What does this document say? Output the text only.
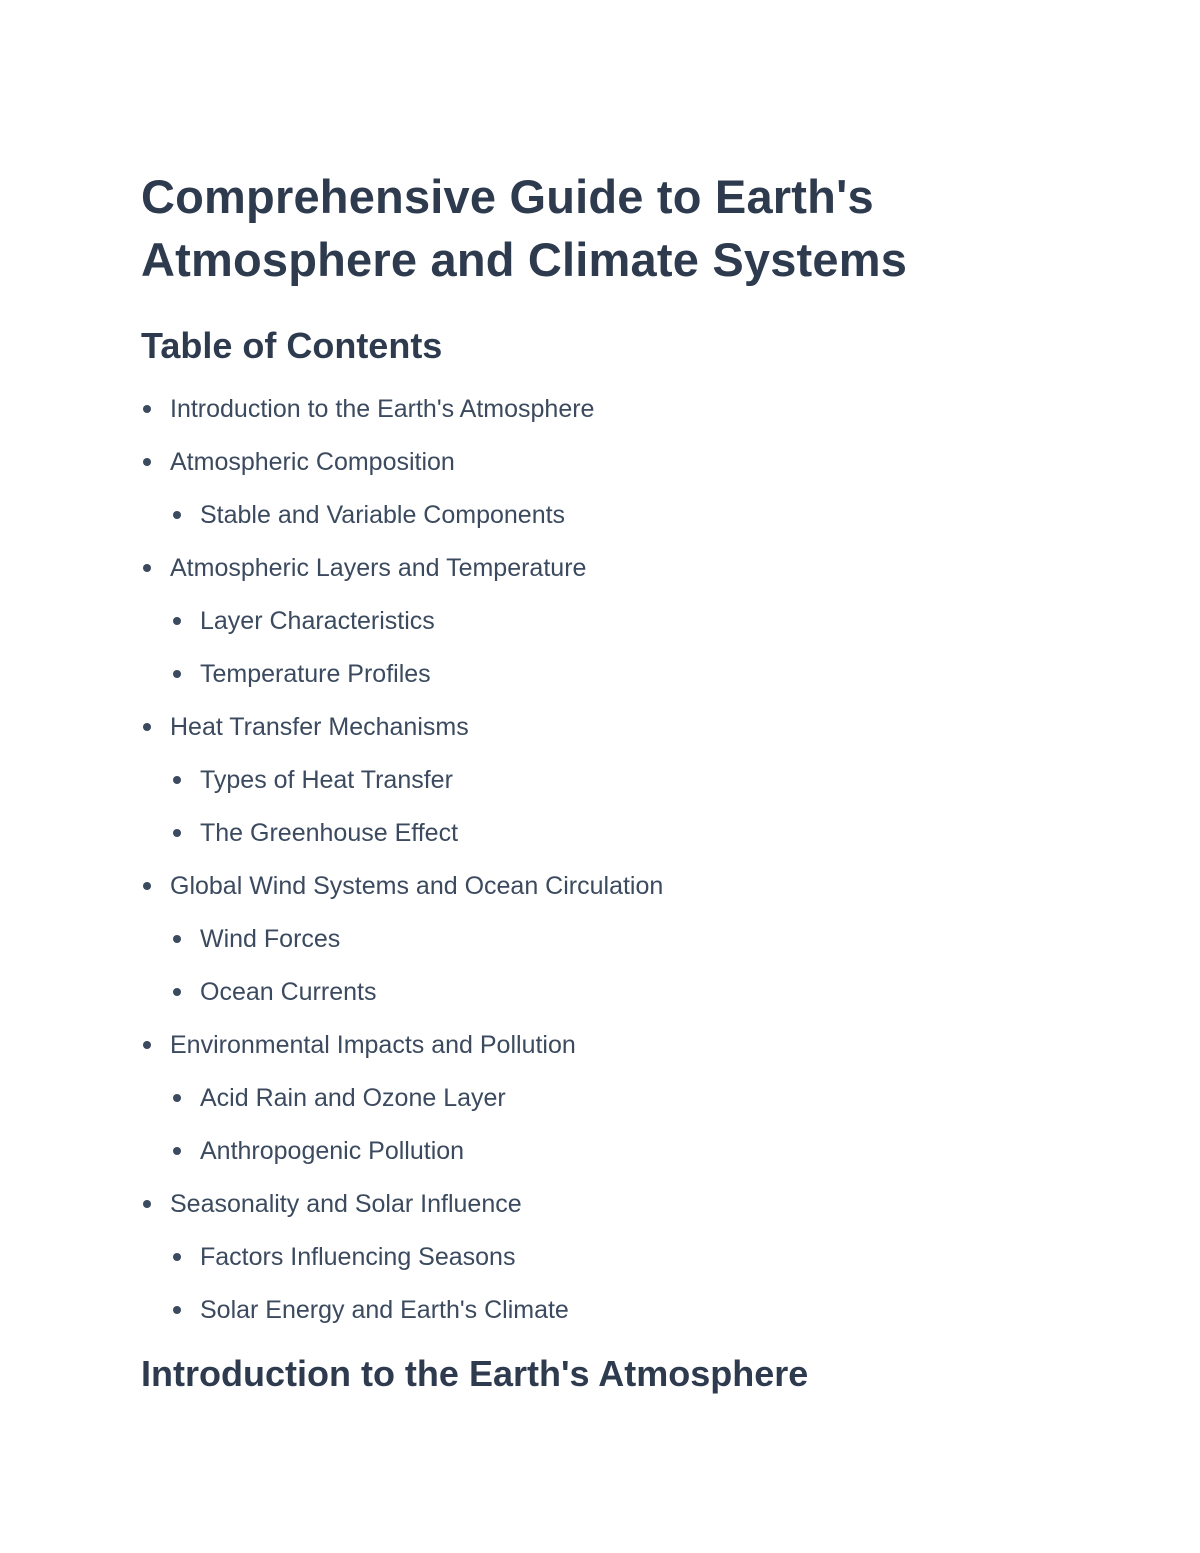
Comprehensive Guide to Earth's Atmosphere and Climate Systems
Table of Contents
Introduction to the Earth's Atmosphere
Atmospheric Composition
Stable and Variable Components
Atmospheric Layers and Temperature
Layer Characteristics
Temperature Profiles
Heat Transfer Mechanisms
Types of Heat Transfer
The Greenhouse Effect
Global Wind Systems and Ocean Circulation
Wind Forces
Ocean Currents
Environmental Impacts and Pollution
Acid Rain and Ozone Layer
Anthropogenic Pollution
Seasonality and Solar Influence
Factors Influencing Seasons
Solar Energy and Earth's Climate
Introduction to the Earth's Atmosphere
